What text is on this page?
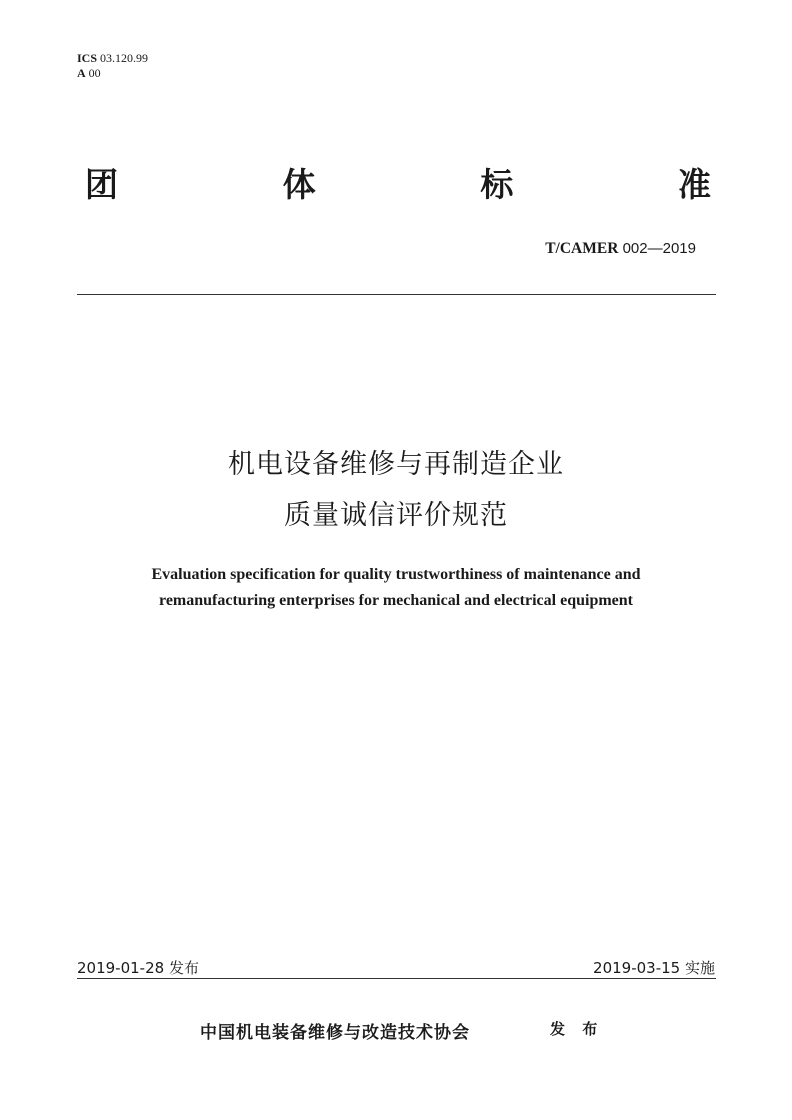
ICS 03.120.99
A 00
团	体	标	准
T/CAMER 002—2019
机电设备维修与再制造企业
质量诚信评价规范
Evaluation specification for quality trustworthiness of maintenance and
remanufacturing enterprises for mechanical and electrical equipment
2019-01-28 发布	2019-03-15 实施
中国机电装备维修与改造技术协会	发 布
